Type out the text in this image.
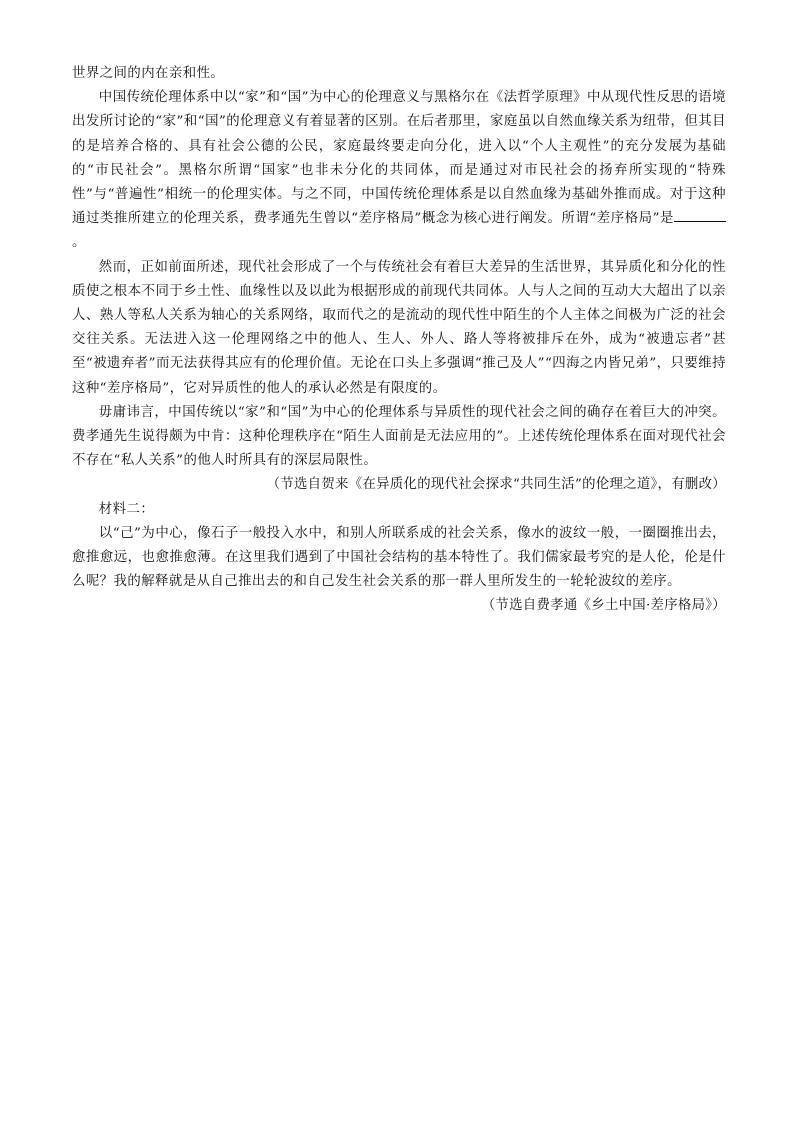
世界之间的内在亲和性。

中国传统伦理体系中以“家”和“国”为中心的伦理意义与黑格尔在《法哲学原理》中从现代性反思的语境出发所讨论的“家”和“国”的伦理意义有着显著的区别。在后者那里，家庭虽以自然血缘关系为纽带，但其目的是培养合格的、具有社会公德的公民，家庭最终要走向分化，进入以“个人主观性”的充分发展为基础的“市民社会”。黑格尔所谓“国家”也非未分化的共同体，而是通过对市民社会的扬弃所实现的“特殊性”与“普遍性”相统一的伦理实体。与之不同，中国传统伦理体系是以自然血缘为基础外推而成。对于这种通过类推所建立的伦理关系，费孝通先生曾以“差序格局”概念为核心进行阐发。所谓“差序格局”是。

然而，正如前面所述，现代社会形成了一个与传统社会有着巨大差异的生活世界，其异质化和分化的性质使之根本不同于乡土性、血缘性以及以此为根据形成的前现代共同体。人与人之间的互动大大超出了以亲人、熟人等私人关系为轴心的关系网络，取而代之的是流动的现代性中陌生的个人主体之间极为广泛的社会交往关系。无法进入这一伦理网络之中的他人、生人、外人、路人等将被排斥在外，成为“被遗忘者”甚至“被遗弃者”而无法获得其应有的伦理价值。无论在口头上多强调“推己及人”“四海之内皆兄弟”，只要维持这种“差序格局”，它对异质性的他人的承认必然是有限度的。

毋庸讳言，中国传统以“家”和“国”为中心的伦理体系与异质性的现代社会之间的确存在着巨大的冲突。费孝通先生说得颇为中肯：这种伦理秩序在“陌生人面前是无法应用的”。上述传统伦理体系在面对现代社会不存在“私人关系”的他人时所具有的深层局限性。

（节选自贺来《在异质化的现代社会探求“共同生活”的伦理之道》，有删改）

材料二：

以“己”为中心，像石子一般投入水中，和别人所联系成的社会关系，像水的波纹一般，一圈圈推出去，愈推愈远，也愈推愈薄。在这里我们遇到了中国社会结构的基本特性了。我们儒家最考究的是人伦，伦是什么呢？我的解释就是从自己推出去的和自己发生社会关系的那一群人里所发生的一轮轮波纹的差序。

（节选自费孝通《乡土中国·差序格局》）
